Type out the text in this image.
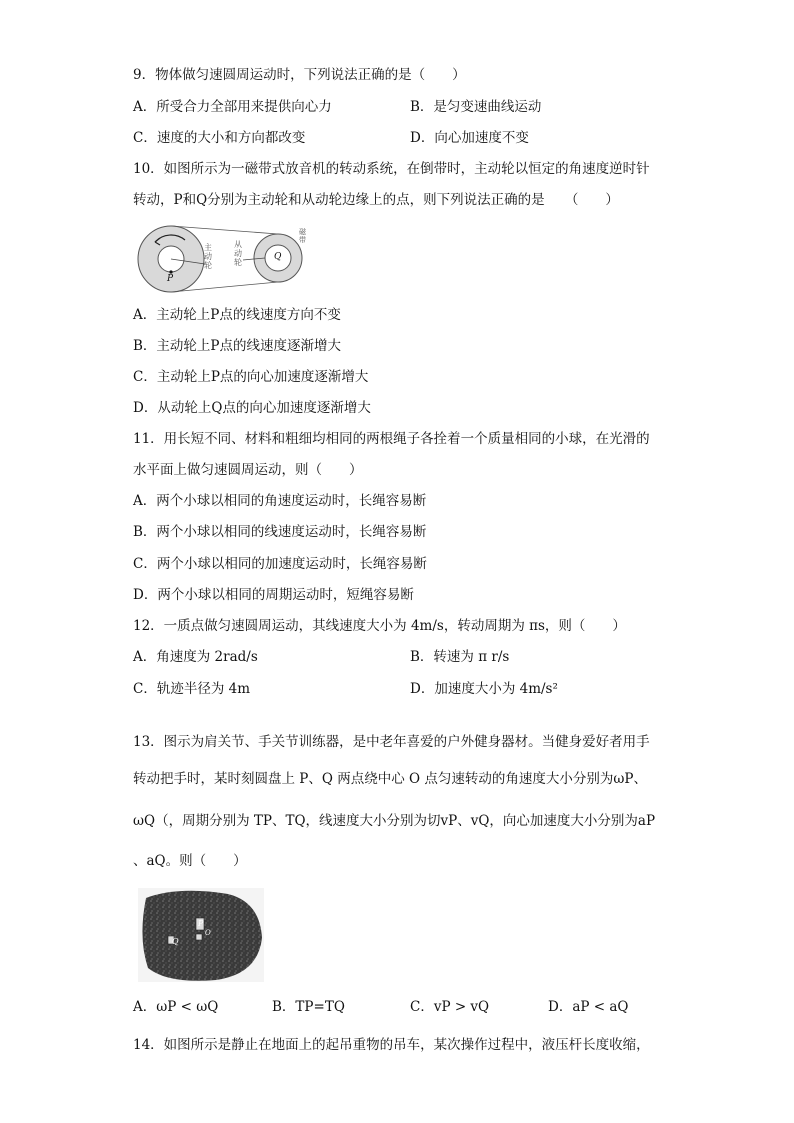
9．物体做匀速圆周运动时，下列说法正确的是（　　）
A．所受合力全部用来提供向心力	B．是匀变速曲线运动
C．速度的大小和方向都改变	D．向心加速度不变
10．如图所示为一磁带式放音机的转动系统，在倒带时，主动轮以恒定的角速度逆时针
转动，P和Q分别为主动轮和从动轮边缘上的点，则下列说法正确的是　　（　　）
P
Q
主动轮
从动轮
磁带
A．主动轮上P点的线速度方向不变
B．主动轮上P点的线速度逐渐增大
C．主动轮上P点的向心加速度逐渐增大
D．从动轮上Q点的向心加速度逐渐增大
11．用长短不同、材料和粗细均相同的两根绳子各拴着一个质量相同的小球，在光滑的
水平面上做匀速圆周运动，则（　　）
A．两个小球以相同的角速度运动时，长绳容易断
B．两个小球以相同的线速度运动时，长绳容易断
C．两个小球以相同的加速度运动时，长绳容易断
D．两个小球以相同的周期运动时，短绳容易断
12．一质点做匀速圆周运动，其线速度大小为 4m/s，转动周期为 πs，则（　　）
A．角速度为 2rad/s	B．转速为 π r/s
C．轨迹半径为 4m	D．加速度大小为 4m/s²
13．图示为肩关节、手关节训练器，是中老年喜爱的户外健身器材。当健身爱好者用手
转动把手时，某时刻圆盘上 P、Q 两点绕中心 O 点匀速转动的角速度大小分别为ωP、
ωQ（，周期分别为 TP、TQ，线速度大小分别为切vP、vQ，向心加速度大小分别为aP
、aQ。则（　　）
Q
P
O
A．ωP < ωQ	B．TP=TQ	C．vP > vQ	D．aP < aQ
14．如图所示是静止在地面上的起吊重物的吊车，某次操作过程中，液压杆长度收缩，
